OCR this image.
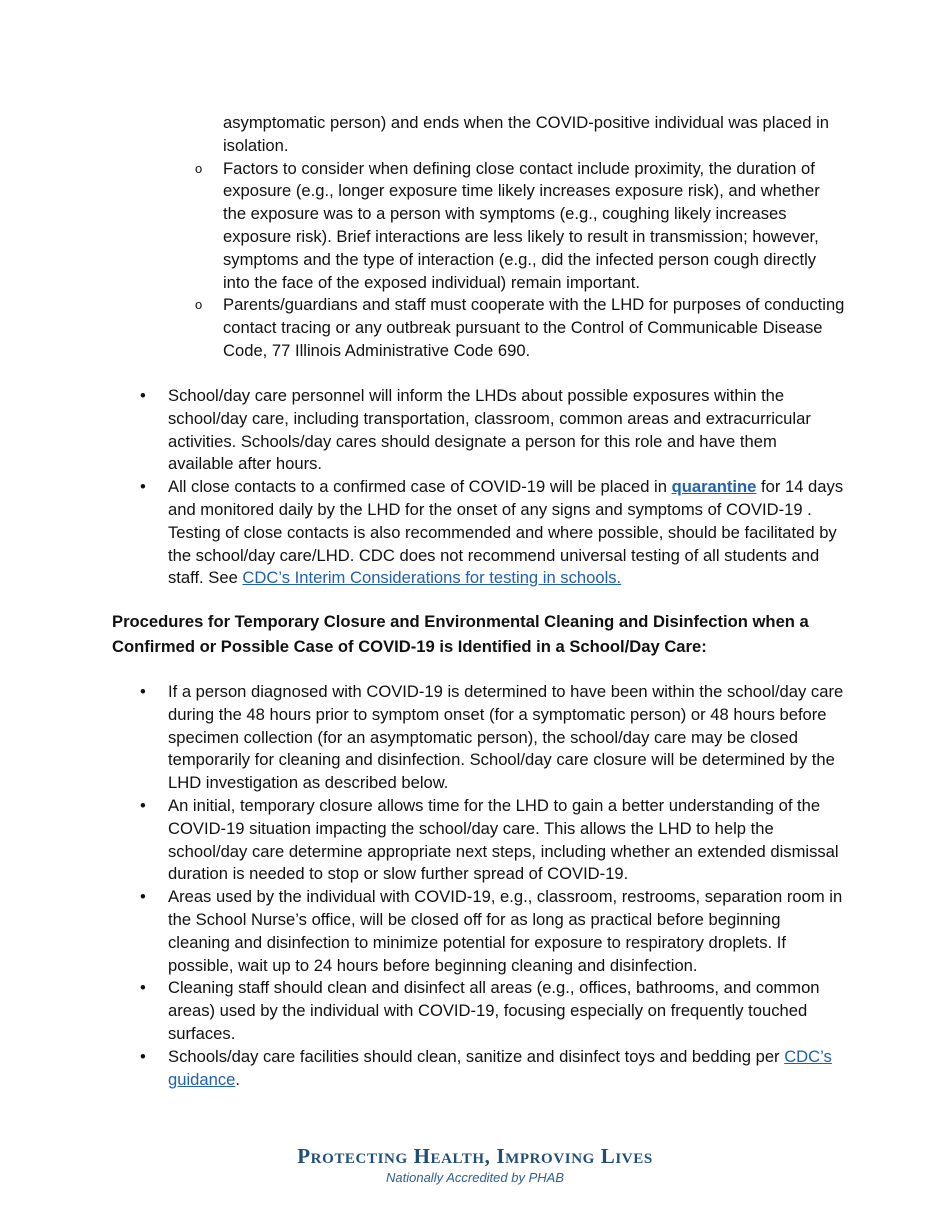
asymptomatic person) and ends when the COVID-positive individual was placed in isolation.
o Factors to consider when defining close contact include proximity, the duration of exposure (e.g., longer exposure time likely increases exposure risk), and whether the exposure was to a person with symptoms (e.g., coughing likely increases exposure risk). Brief interactions are less likely to result in transmission; however, symptoms and the type of interaction (e.g., did the infected person cough directly into the face of the exposed individual) remain important.
o Parents/guardians and staff must cooperate with the LHD for purposes of conducting contact tracing or any outbreak pursuant to the Control of Communicable Disease Code, 77 Illinois Administrative Code 690.
• School/day care personnel will inform the LHDs about possible exposures within the school/day care, including transportation, classroom, common areas and extracurricular activities. Schools/day cares should designate a person for this role and have them available after hours.
• All close contacts to a confirmed case of COVID-19 will be placed in quarantine for 14 days and monitored daily by the LHD for the onset of any signs and symptoms of COVID-19 . Testing of close contacts is also recommended and where possible, should be facilitated by the school/day care/LHD. CDC does not recommend universal testing of all students and staff. See CDC’s Interim Considerations for testing in schools.
Procedures for Temporary Closure and Environmental Cleaning and Disinfection when a Confirmed or Possible Case of COVID-19 is Identified in a School/Day Care:
• If a person diagnosed with COVID-19 is determined to have been within the school/day care during the 48 hours prior to symptom onset (for a symptomatic person) or 48 hours before specimen collection (for an asymptomatic person), the school/day care may be closed temporarily for cleaning and disinfection. School/day care closure will be determined by the LHD investigation as described below.
• An initial, temporary closure allows time for the LHD to gain a better understanding of the COVID-19 situation impacting the school/day care. This allows the LHD to help the school/day care determine appropriate next steps, including whether an extended dismissal duration is needed to stop or slow further spread of COVID-19.
• Areas used by the individual with COVID-19, e.g., classroom, restrooms, separation room in the School Nurse’s office, will be closed off for as long as practical before beginning cleaning and disinfection to minimize potential for exposure to respiratory droplets. If possible, wait up to 24 hours before beginning cleaning and disinfection.
• Cleaning staff should clean and disinfect all areas (e.g., offices, bathrooms, and common areas) used by the individual with COVID-19, focusing especially on frequently touched surfaces.
• Schools/day care facilities should clean, sanitize and disinfect toys and bedding per CDC’s guidance.
Protecting Health, Improving Lives
Nationally Accredited by PHAB
